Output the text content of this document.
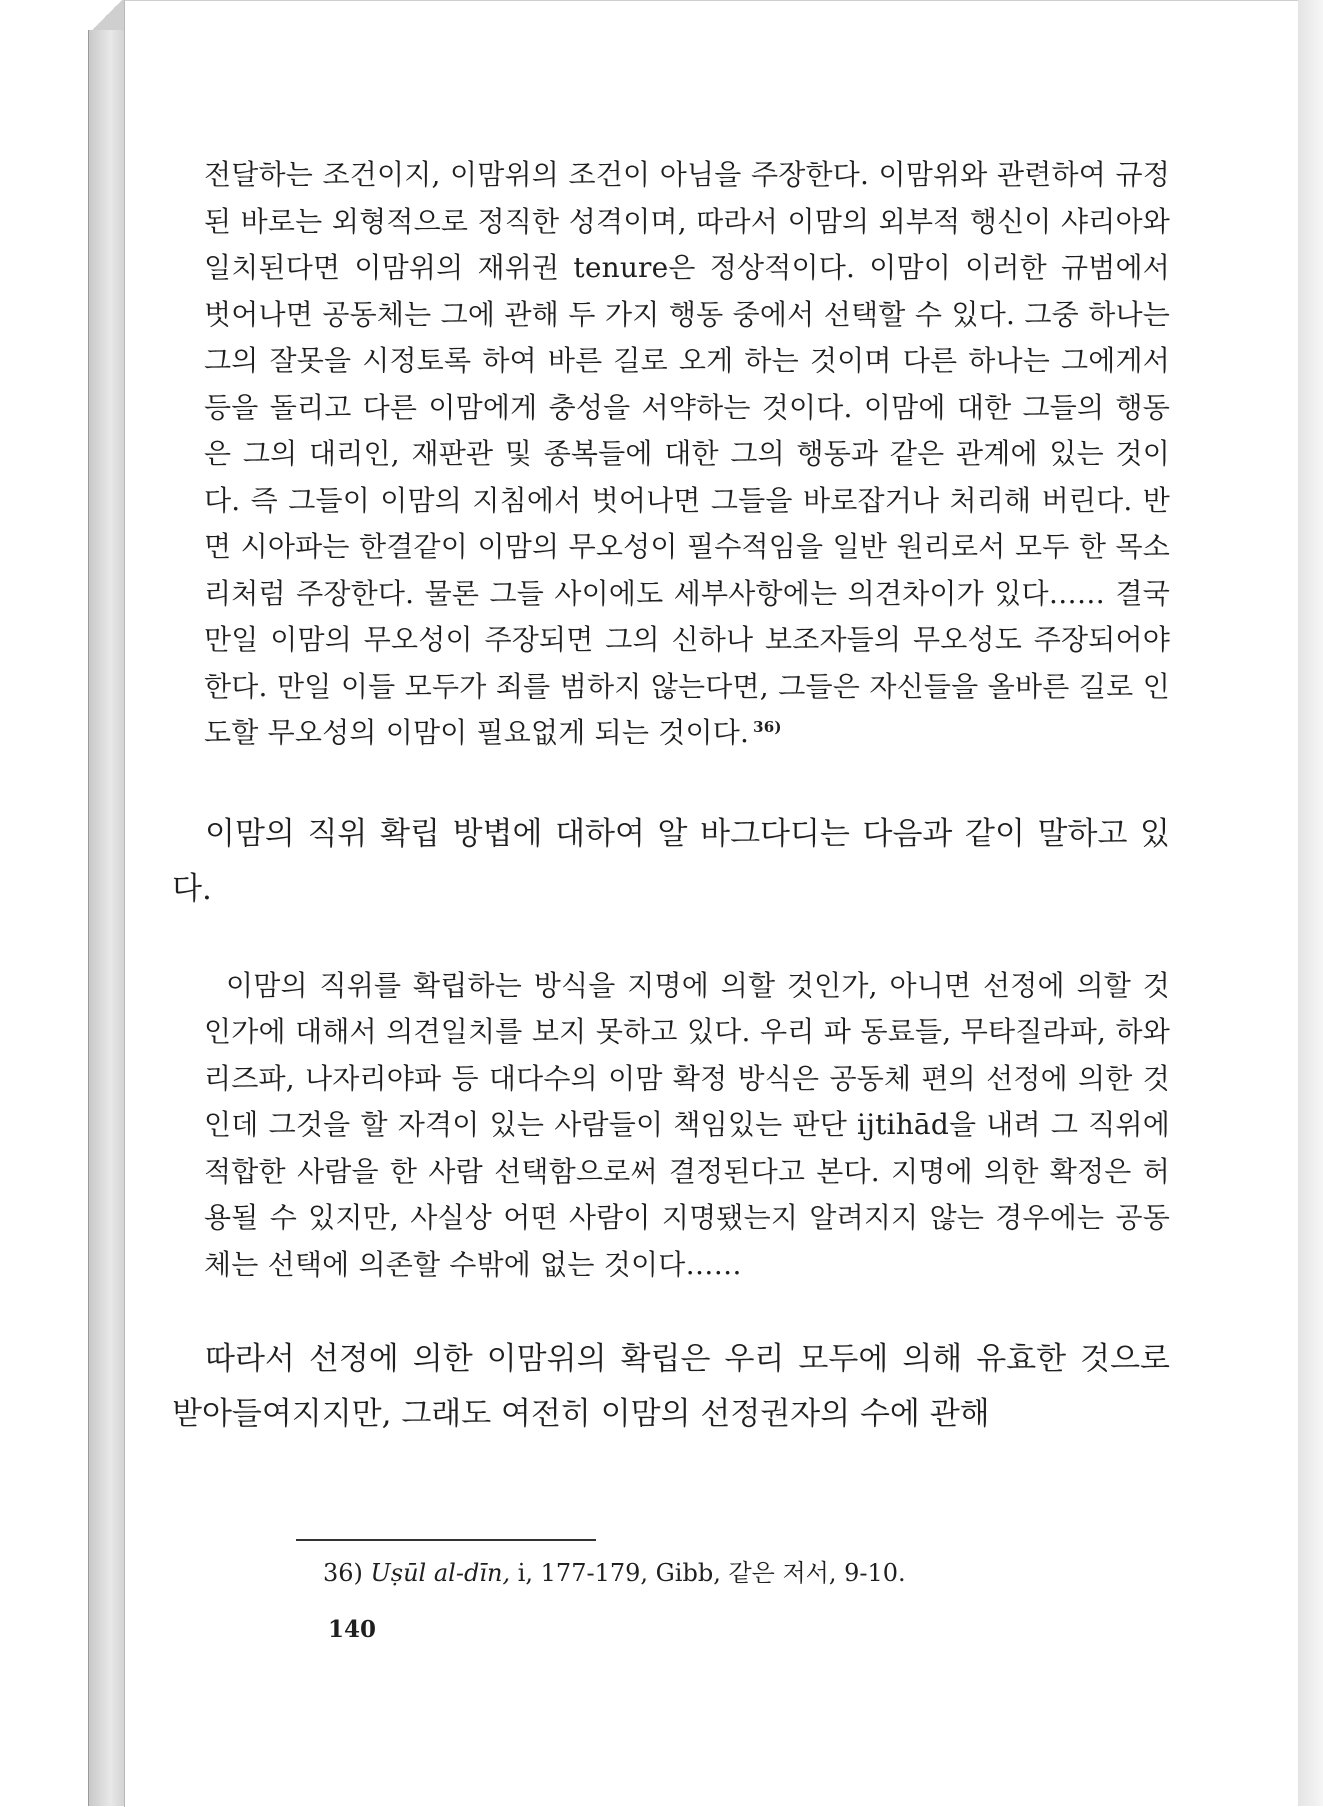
전달하는 조건이지, 이맘위의 조건이 아님을 주장한다. 이맘위와 관련하여 규정된 바로는 외형적으로 정직한 성격이며, 따라서 이맘의 외부적 행신이 샤리아와 일치된다면 이맘위의 재위권 tenure은 정상적이다. 이맘이 이러한 규범에서 벗어나면 공동체는 그에 관해 두 가지 행동 중에서 선택할 수 있다. 그중 하나는 그의 잘못을 시정토록 하여 바른 길로 오게 하는 것이며 다른 하나는 그에게서 등을 돌리고 다른 이맘에게 충성을 서약하는 것이다. 이맘에 대한 그들의 행동은 그의 대리인, 재판관 및 종복들에 대한 그의 행동과 같은 관계에 있는 것이다. 즉 그들이 이맘의 지침에서 벗어나면 그들을 바로잡거나 처리해 버린다. 반면 시아파는 한결같이 이맘의 무오성이 필수적임을 일반 원리로서 모두 한 목소리처럼 주장한다. 물론 그들 사이에도 세부사항에는 의견차이가 있다…… 결국 만일 이맘의 무오성이 주장되면 그의 신하나 보조자들의 무오성도 주장되어야 한다. 만일 이들 모두가 죄를 범하지 않는다면, 그들은 자신들을 올바른 길로 인도할 무오성의 이맘이 필요없게 되는 것이다. $^{36)}$

이맘의 직위 확립 방볍에 대하여 알 바그다디는 다음과 같이 말하고 있다.

이맘의 직위를 확립하는 방식을 지명에 의할 것인가, 아니면 선정에 의할 것인가에 대해서 의견일치를 보지 못하고 있다. 우리 파 동료들, 무타질라파, 하와리즈파, 나자리야파 등 대다수의 이맘 확정 방식은 공동체 편의 선정에 의한 것인데 그것을 할 자격이 있는 사람들이 책임있는 판단 ijtihād을 내려 그 직위에 적합한 사람을 한 사람 선택함으로써 결정된다고 본다. 지명에 의한 확정은 허용될 수 있지만, 사실상 어떤 사람이 지명됐는지 알려지지 않는 경우에는 공동체는 선택에 의존할 수밖에 없는 것이다……

따라서 선정에 의한 이맘위의 확립은 우리 모두에 의해 유효한 것으로 받아들여지지만, 그래도 여전히 이맘의 선정권자의 수에 관해

36) Uṣūl al-dīn, i, 177-179, Gibb, 같은 저서, 9-10.
140
